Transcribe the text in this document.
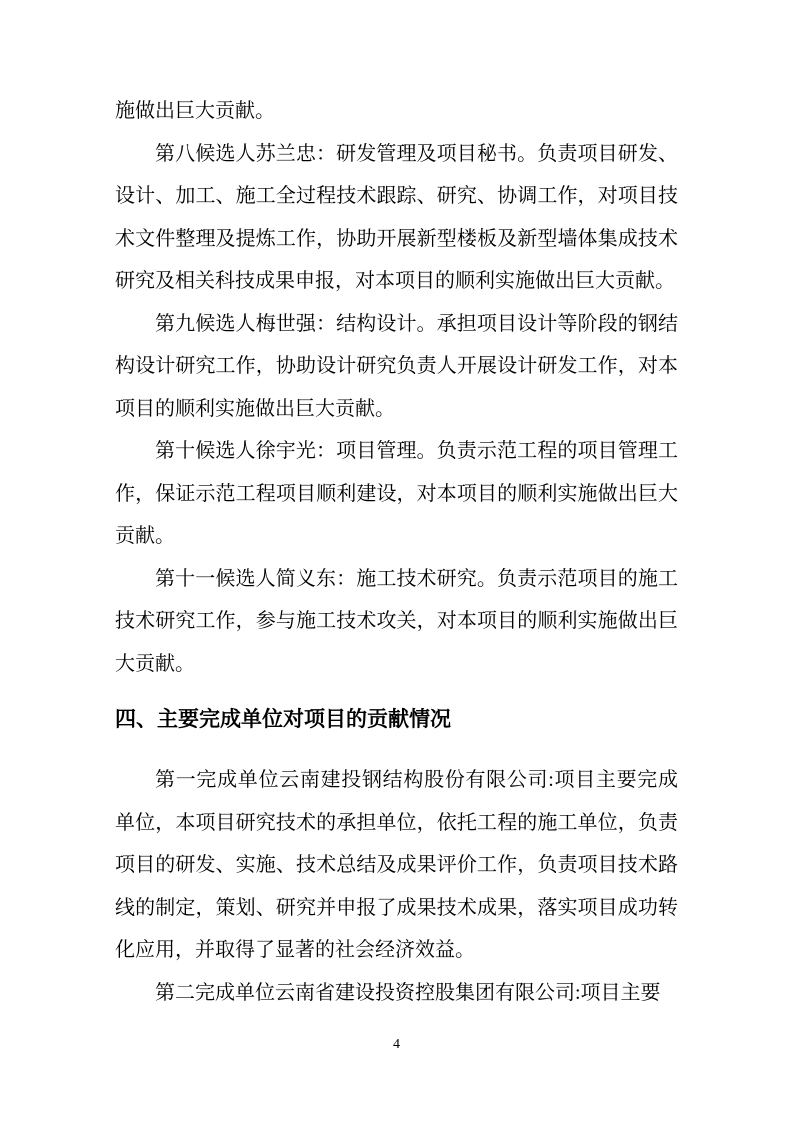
施做出巨大贡献。

第八候选人苏兰忠：研发管理及项目秘书。负责项目研发、设计、加工、施工全过程技术跟踪、研究、协调工作，对项目技术文件整理及提炼工作，协助开展新型楼板及新型墙体集成技术研究及相关科技成果申报，对本项目的顺利实施做出巨大贡献。

第九候选人梅世强：结构设计。承担项目设计等阶段的钢结构设计研究工作，协助设计研究负责人开展设计研发工作，对本项目的顺利实施做出巨大贡献。

第十候选人徐宇光：项目管理。负责示范工程的项目管理工作，保证示范工程项目顺利建设，对本项目的顺利实施做出巨大贡献。

第十一候选人简义东：施工技术研究。负责示范项目的施工技术研究工作，参与施工技术攻关，对本项目的顺利实施做出巨大贡献。

四、主要完成单位对项目的贡献情况

第一完成单位云南建投钢结构股份有限公司:项目主要完成单位，本项目研究技术的承担单位，依托工程的施工单位，负责项目的研发、实施、技术总结及成果评价工作，负责项目技术路线的制定，策划、研究并申报了成果技术成果，落实项目成功转化应用，并取得了显著的社会经济效益。

第二完成单位云南省建设投资控股集团有限公司:项目主要

4
